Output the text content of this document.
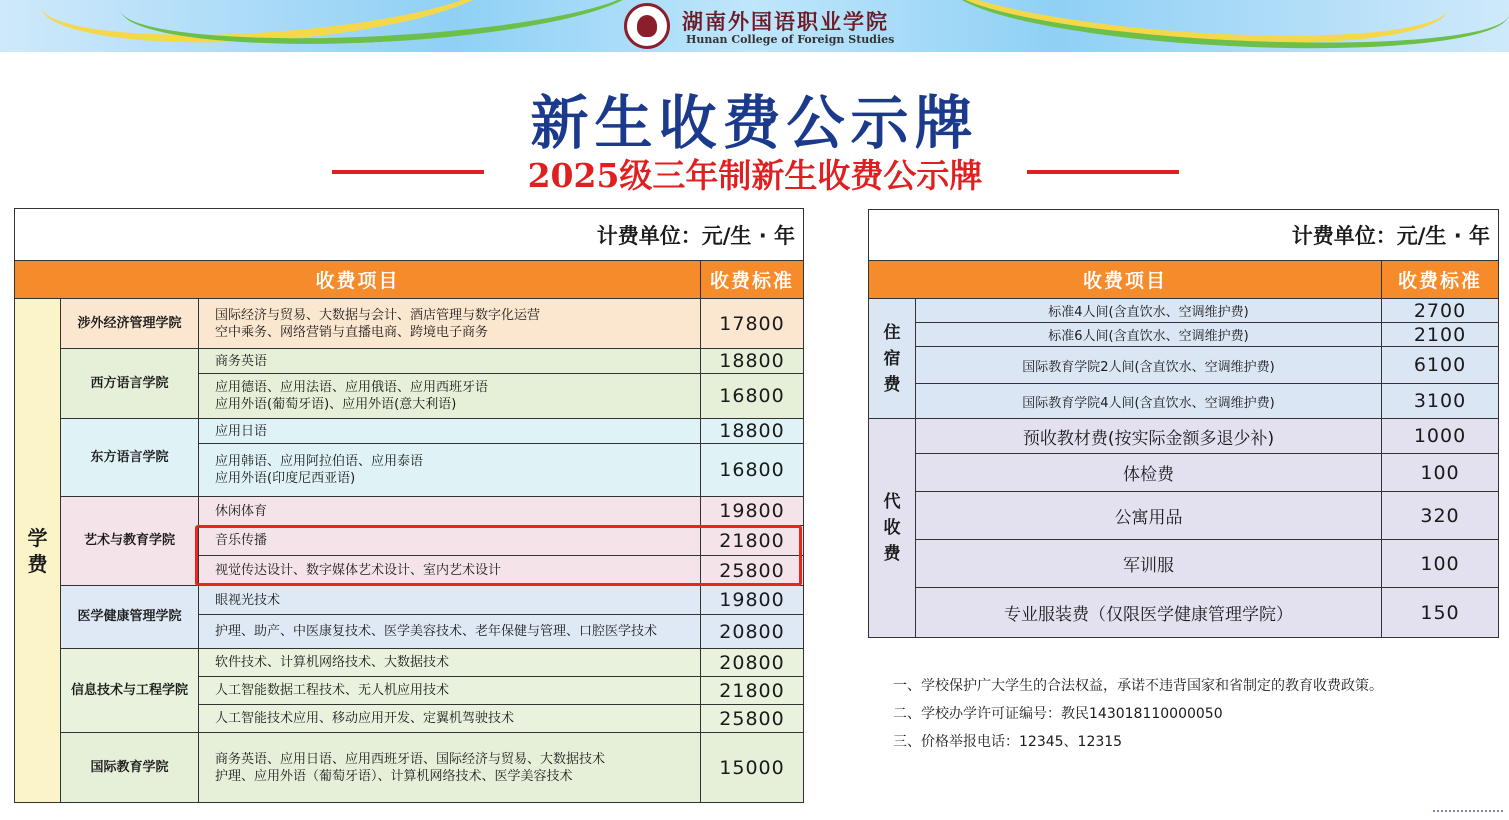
湖南外国语职业学院
Hunan College of Foreign Studies
新生收费公示牌
2025级三年制新生收费公示牌
计费单位：元/生 · 年			
收费项目			收费标准
学
费	涉外经济管理学院	国际经济与贸易、大数据与会计、酒店管理与数字化运营
空中乘务、网络营销与直播电商、跨境电子商务	17800
	西方语言学院	商务英语	18800
		应用德语、应用法语、应用俄语、应用西班牙语
应用外语(葡萄牙语)、应用外语(意大利语)	16800
	东方语言学院	应用日语	18800
		应用韩语、应用阿拉伯语、应用泰语
应用外语(印度尼西亚语)	16800
	艺术与教育学院	休闲体育	19800
		音乐传播	21800
		视觉传达设计、数字媒体艺术设计、室内艺术设计	25800
	医学健康管理学院	眼视光技术	19800
		护理、助产、中医康复技术、医学美容技术、老年保健与管理、口腔医学技术	20800
	信息技术与工程学院	软件技术、计算机网络技术、大数据技术	20800
		人工智能数据工程技术、无人机应用技术	21800
		人工智能技术应用、移动应用开发、定翼机驾驶技术	25800
	国际教育学院	商务英语、应用日语、应用西班牙语、国际经济与贸易、大数据技术
护理、应用外语（葡萄牙语）、计算机网络技术、医学美容技术	15000
计费单位：元/生 · 年		
收费项目		收费标准
住
宿
费	标准4人间(含直饮水、空调维护费)	2700
	标准6人间(含直饮水、空调维护费)	2100
	国际教育学院2人间(含直饮水、空调维护费)	6100
	国际教育学院4人间(含直饮水、空调维护费)	3100
代
收
费	预收教材费(按实际金额多退少补)	1000
	体检费	100
	公寓用品	320
	军训服	100
	专业服装费（仅限医学健康管理学院）	150
一、学校保护广大学生的合法权益，承诺不违背国家和省制定的教育收费政策。
二、学校办学许可证编号：教民143018110000050
三、价格举报电话：12345、12315
